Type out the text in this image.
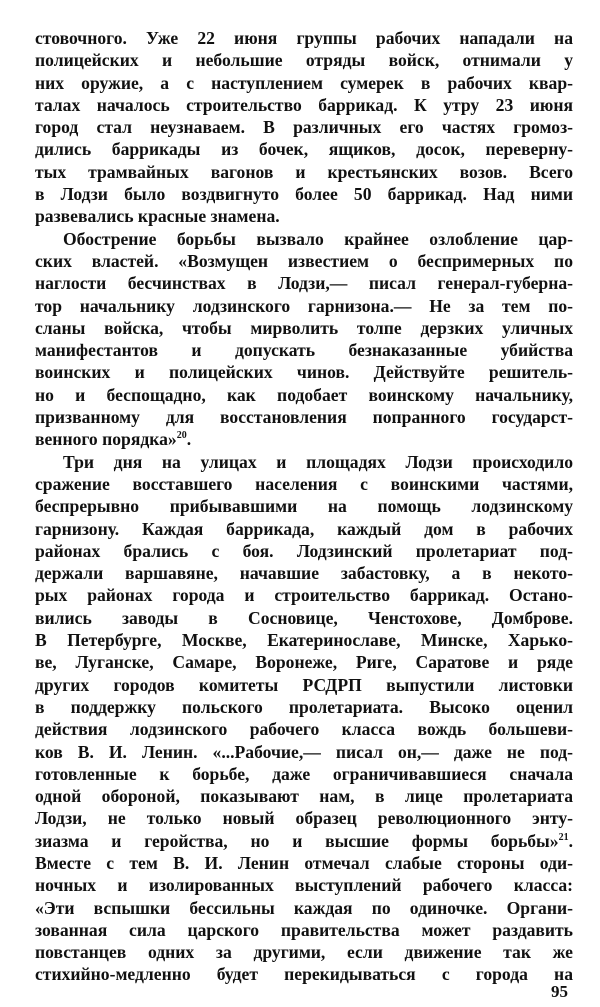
стовочного. Уже 22 июня группы рабочих нападали на
полицейских и небольшие отряды войск, отнимали у
них оружие, а с наступлением сумерек в рабочих квар-
талах началось строительство баррикад. К утру 23 июня
город стал неузнаваем. В различных его частях громоз-
дились баррикады из бочек, ящиков, досок, переверну-
тых трамвайных вагонов и крестьянских возов. Всего
в Лодзи было воздвигнуто более 50 баррикад. Над ними
развевались красные знамена.
Обострение борьбы вызвало крайнее озлобление цар-
ских властей. «Возмущен известием о беспримерных по
наглости бесчинствах в Лодзи,— писал генерал-губерна-
тор начальнику лодзинского гарнизона.— Не за тем по-
сланы войска, чтобы мирволить толпе дерзких уличных
манифестантов и допускать безнаказанные убийства
воинских и полицейских чинов. Действуйте решитель-
но и беспощадно, как подобает воинскому начальнику,
призванному для восстановления попранного государст-
венного порядка»$^{20}$.
Три дня на улицах и площадях Лодзи происходило
сражение восставшего населения с воинскими частями,
беспрерывно прибывавшими на помощь лодзинскому
гарнизону. Каждая баррикада, каждый дом в рабочих
районах брались с боя. Лодзинский пролетариат под-
держали варшавяне, начавшие забастовку, а в некото-
рых районах города и строительство баррикад. Остано-
вились заводы в Сосновице, Ченстохове, Домброве.
В Петербурге, Москве, Екатеринославе, Минске, Харько-
ве, Луганске, Самаре, Воронеже, Риге, Саратове и ряде
других городов комитеты РСДРП выпустили листовки
в поддержку польского пролетариата. Высоко оценил
действия лодзинского рабочего класса вождь большеви-
ков В. И. Ленин. «...Рабочие,— писал он,— даже не под-
готовленные к борьбе, даже ограничивавшиеся сначала
одной обороной, показывают нам, в лице пролетариата
Лодзи, не только новый образец революционного энту-
зиазма и геройства, но и высшие формы борьбы»$^{21}$.
Вместе с тем В. И. Ленин отмечал слабые стороны оди-
ночных и изолированных выступлений рабочего класса:
«Эти вспышки бессильны каждая по одиночке. Органи-
зованная сила царского правительства может раздавить
повстанцев одних за другими, если движение так же
стихийно-медленно будет перекидываться с города на
95
